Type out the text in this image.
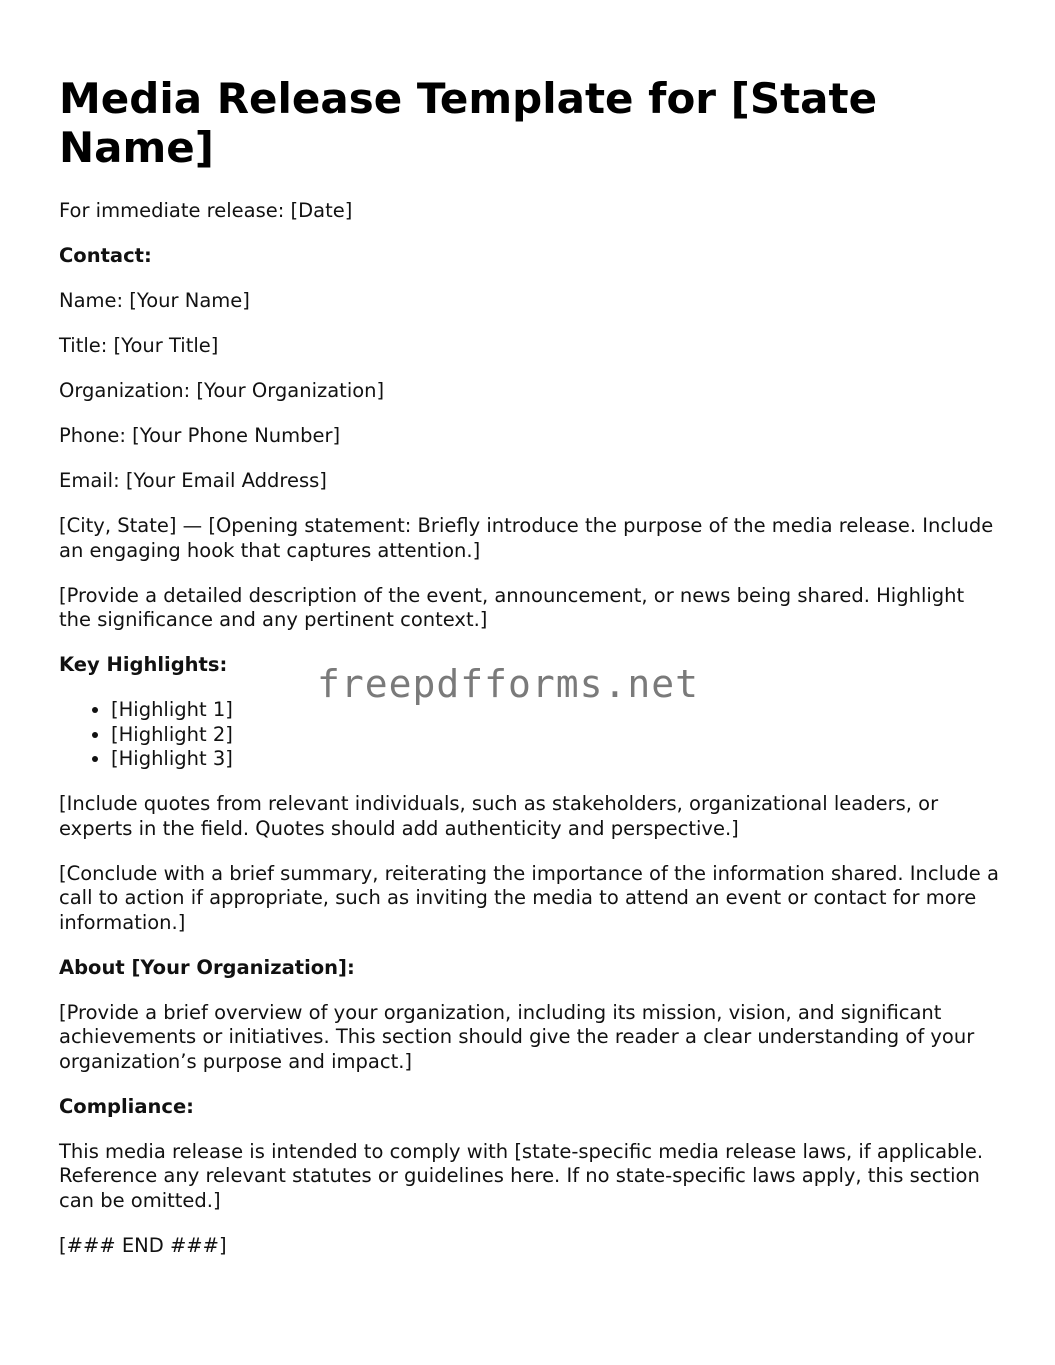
Media Release Template for [State Name]

For immediate release: [Date]

Contact:

Name: [Your Name]

Title: [Your Title]

Organization: [Your Organization]

Phone: [Your Phone Number]

Email: [Your Email Address]

[City, State] — [Opening statement: Briefly introduce the purpose of the media release. Include an engaging hook that captures attention.]

[Provide a detailed description of the event, announcement, or news being shared. Highlight the significance and any pertinent context.]

Key Highlights:

• [Highlight 1]
• [Highlight 2]
• [Highlight 3]

[Include quotes from relevant individuals, such as stakeholders, organizational leaders, or experts in the field. Quotes should add authenticity and perspective.]

[Conclude with a brief summary, reiterating the importance of the information shared. Include a call to action if appropriate, such as inviting the media to attend an event or contact for more information.]

About [Your Organization]:

[Provide a brief overview of your organization, including its mission, vision, and significant achievements or initiatives. This section should give the reader a clear understanding of your organization’s purpose and impact.]

Compliance:

This media release is intended to comply with [state-specific media release laws, if applicable. Reference any relevant statutes or guidelines here. If no state-specific laws apply, this section can be omitted.]

[### END ###]

freepdfforms.net
